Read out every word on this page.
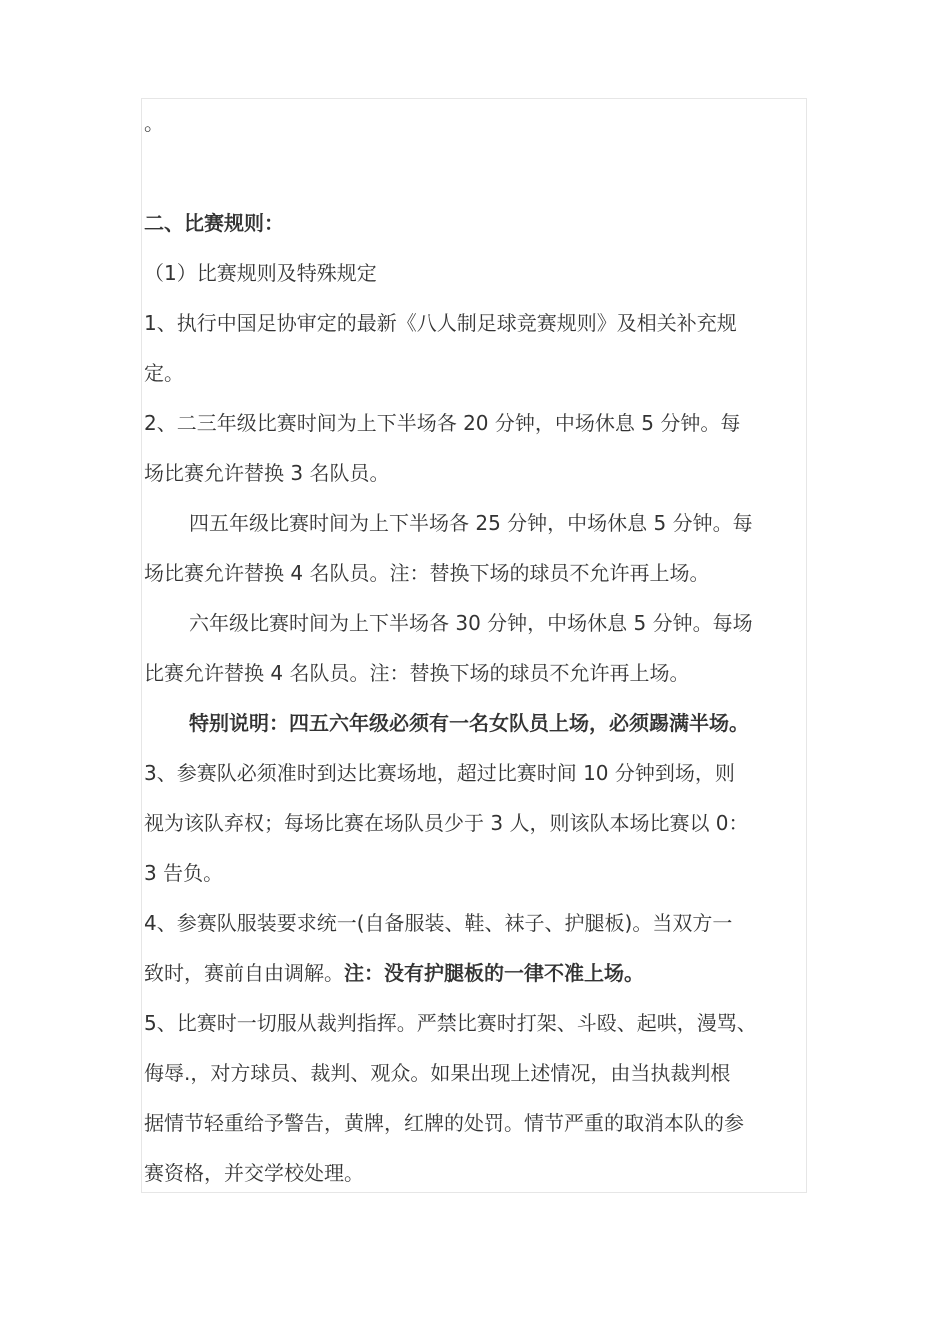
。
二、比赛规则：
（1）比赛规则及特殊规定
1、执行中国足协审定的最新《八人制足球竞赛规则》及相关补充规
定。
2、二三年级比赛时间为上下半场各 20 分钟，中场休息 5 分钟。每
场比赛允许替换 3 名队员。
四五年级比赛时间为上下半场各 25 分钟，中场休息 5 分钟。每
场比赛允许替换 4 名队员。注：替换下场的球员不允许再上场。
六年级比赛时间为上下半场各 30 分钟，中场休息 5 分钟。每场
比赛允许替换 4 名队员。注：替换下场的球员不允许再上场。
特别说明：四五六年级必须有一名女队员上场，必须踢满半场。
3、参赛队必须准时到达比赛场地，超过比赛时间 10 分钟到场，则
视为该队弃权；每场比赛在场队员少于 3 人，则该队本场比赛以 0：
3 告负。
4、参赛队服装要求统一(自备服装、鞋、袜子、护腿板)。当双方一
致时，赛前自由调解。注：没有护腿板的一律不准上场。
5、比赛时一切服从裁判指挥。严禁比赛时打架、斗殴、起哄，漫骂、
侮辱.，对方球员、裁判、观众。如果出现上述情况，由当执裁判根
据情节轻重给予警告，黄牌，红牌的处罚。情节严重的取消本队的参
赛资格，并交学校处理。
